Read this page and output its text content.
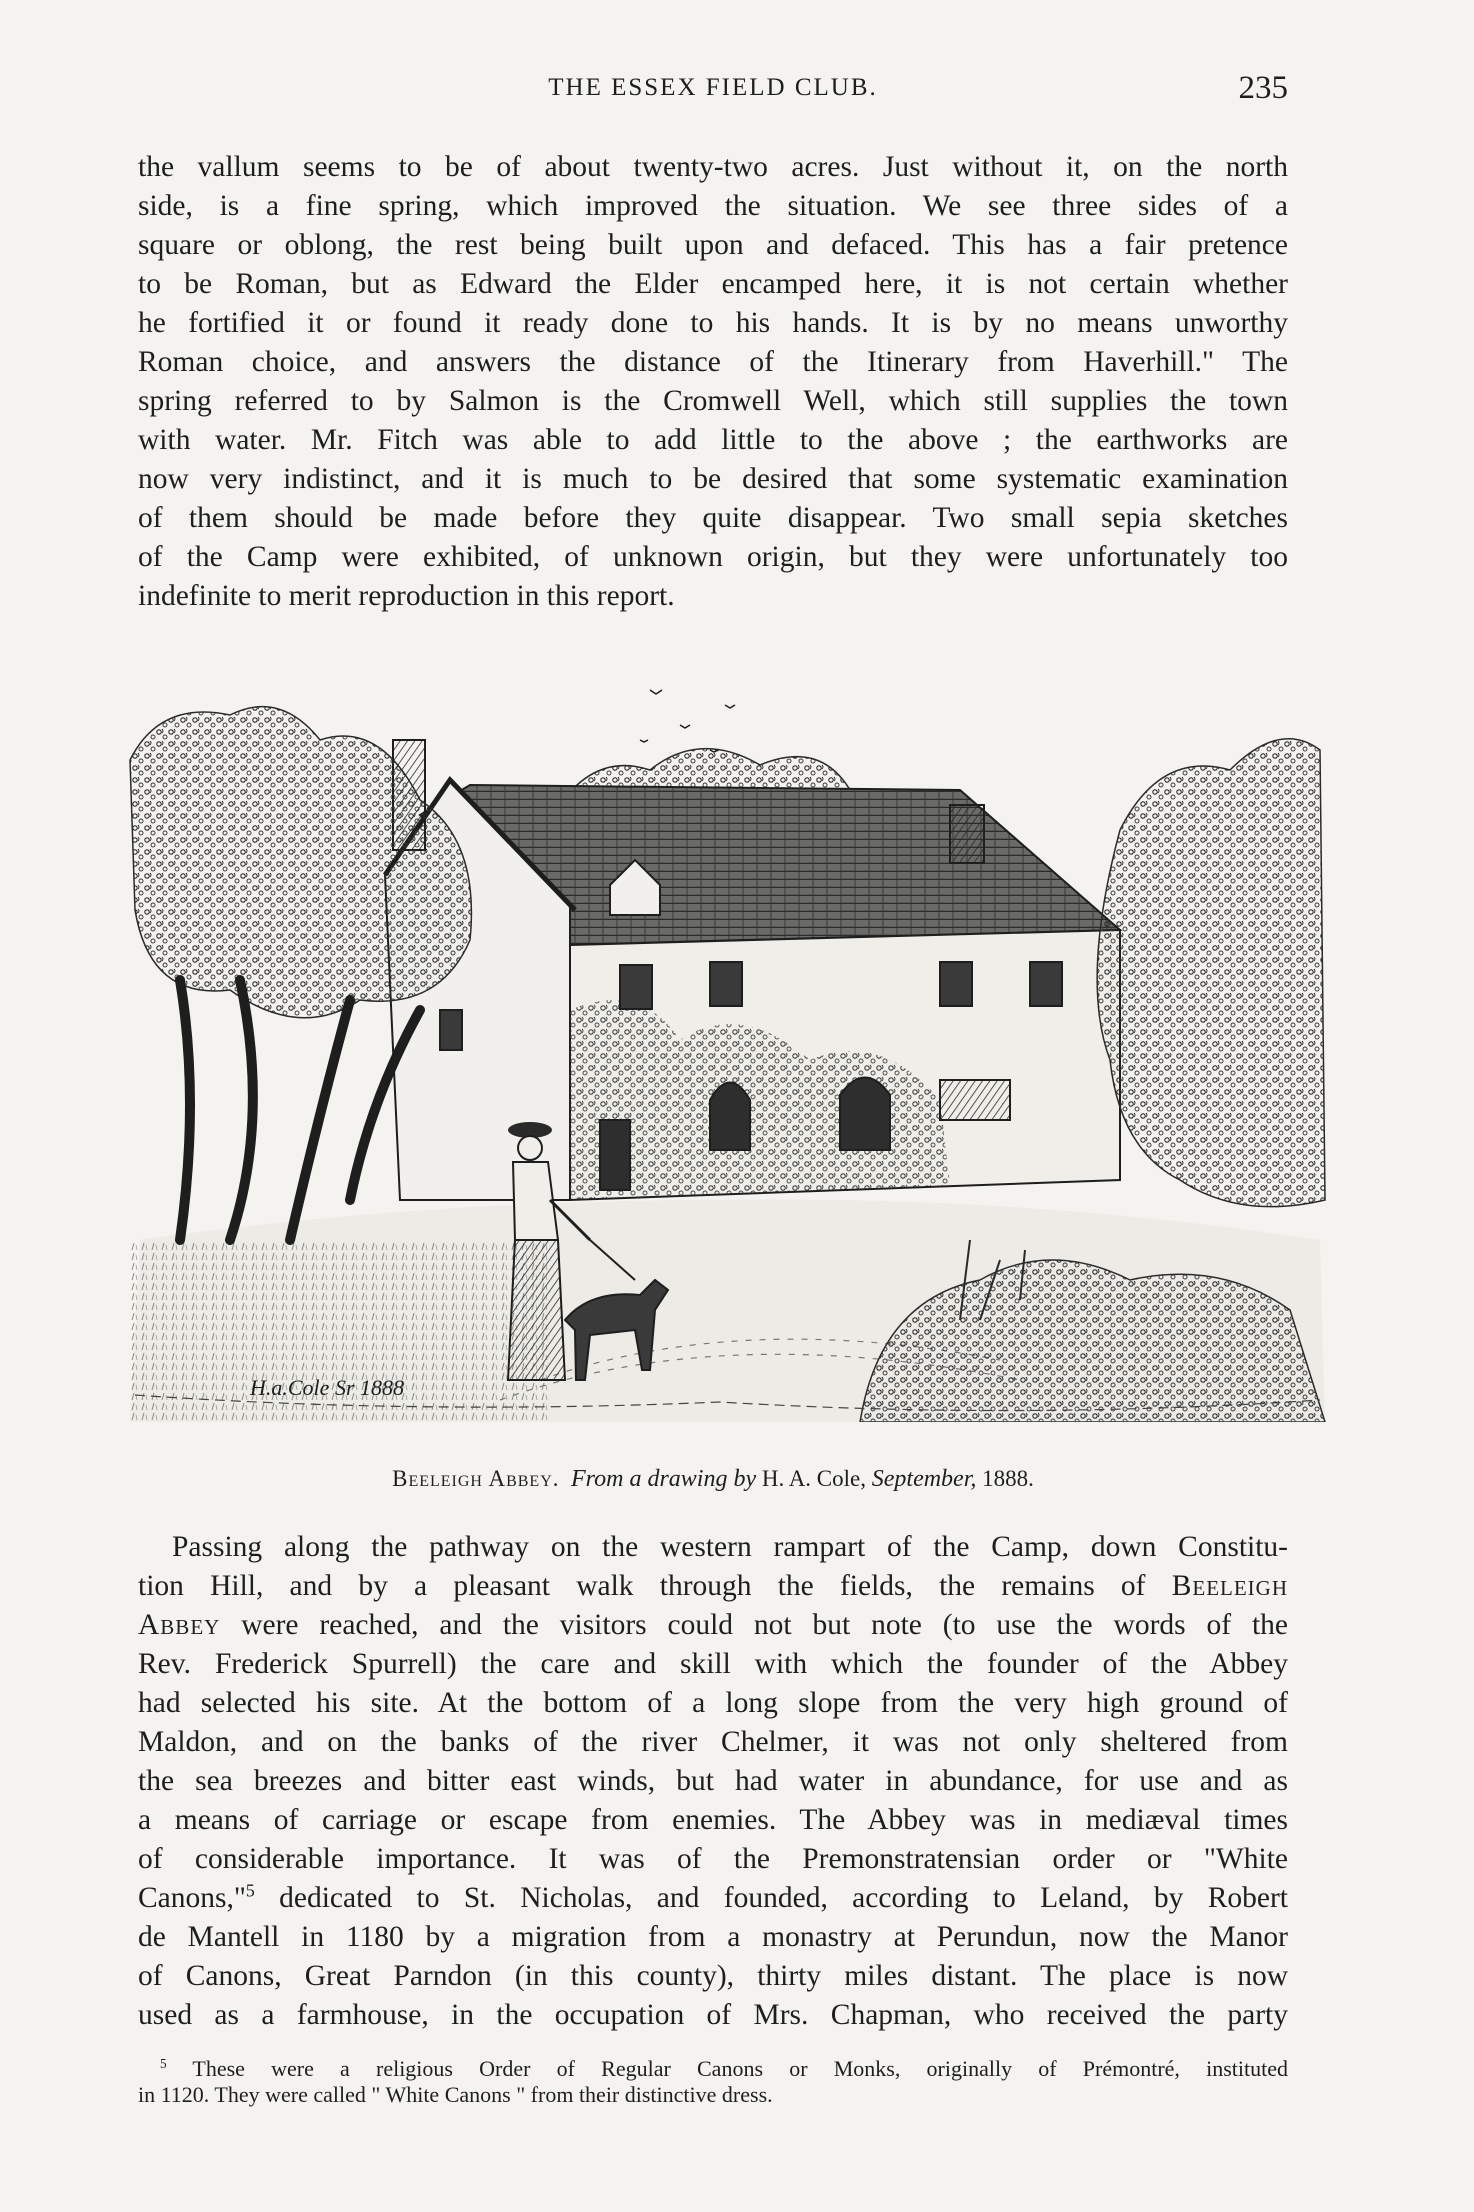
THE ESSEX FIELD CLUB.	235
the vallum seems to be of about twenty-two acres. Just without it, on the north
side, is a fine spring, which improved the situation. We see three sides of a
square or oblong, the rest being built upon and defaced. This has a fair pretence
to be Roman, but as Edward the Elder encamped here, it is not certain whether
he fortified it or found it ready done to his hands. It is by no means unworthy
Roman choice, and answers the distance of the Itinerary from Haverhill." The
spring referred to by Salmon is the Cromwell Well, which still supplies the town
with water. Mr. Fitch was able to add little to the above ; the earthworks are
now very indistinct, and it is much to be desired that some systematic examination
of them should be made before they quite disappear. Two small sepia sketches
of the Camp were exhibited, of unknown origin, but they were unfortunately too
indefinite to merit reproduction in this report.
H.a.Cole Sr 1888
Beeleigh Abbey. From a drawing by H. A. Cole, September, 1888.
Passing along the pathway on the western rampart of the Camp, down Constitu-
tion Hill, and by a pleasant walk through the fields, the remains of Beeleigh
Abbey were reached, and the visitors could not but note (to use the words of the
Rev. Frederick Spurrell) the care and skill with which the founder of the Abbey
had selected his site. At the bottom of a long slope from the very high ground of
Maldon, and on the banks of the river Chelmer, it was not only sheltered from
the sea breezes and bitter east winds, but had water in abundance, for use and as
a means of carriage or escape from enemies. The Abbey was in mediæval times
of considerable importance. It was of the Premonstratensian order or "White
Canons,"$^5$ dedicated to St. Nicholas, and founded, according to Leland, by Robert
de Mantell in 1180 by a migration from a monastry at Perundun, now the Manor
of Canons, Great Parndon (in this county), thirty miles distant. The place is now
used as a farmhouse, in the occupation of Mrs. Chapman, who received the party
$^5$ These were a religious Order of Regular Canons or Monks, originally of Prémontré, instituted
in 1120. They were called " White Canons " from their distinctive dress.
